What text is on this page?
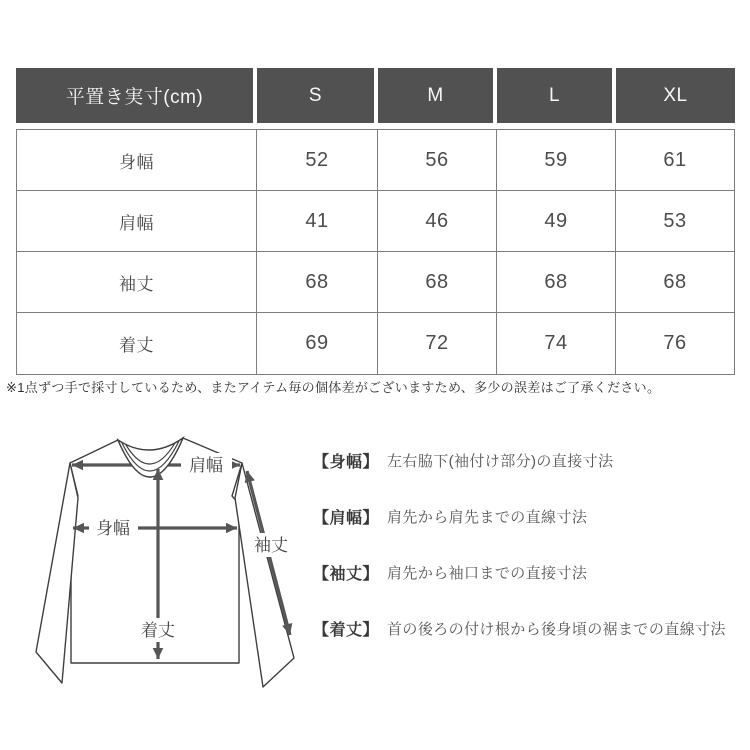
平置き実寸(cm)	S	M	L	XL
身幅	52	56	59	61
肩幅	41	46	49	53
袖丈	68	68	68	68
着丈	69	72	74	76

※1点ずつ手で採寸しているため、またアイテム毎の個体差がございますため、多少の誤差はご了承ください。

肩幅
身幅
袖丈
着丈
【身幅】 左右脇下(袖付け部分)の直接寸法
【肩幅】 肩先から肩先までの直線寸法
【袖丈】 肩先から袖口までの直接寸法
【着丈】 首の後ろの付け根から後身頃の裾までの直線寸法
